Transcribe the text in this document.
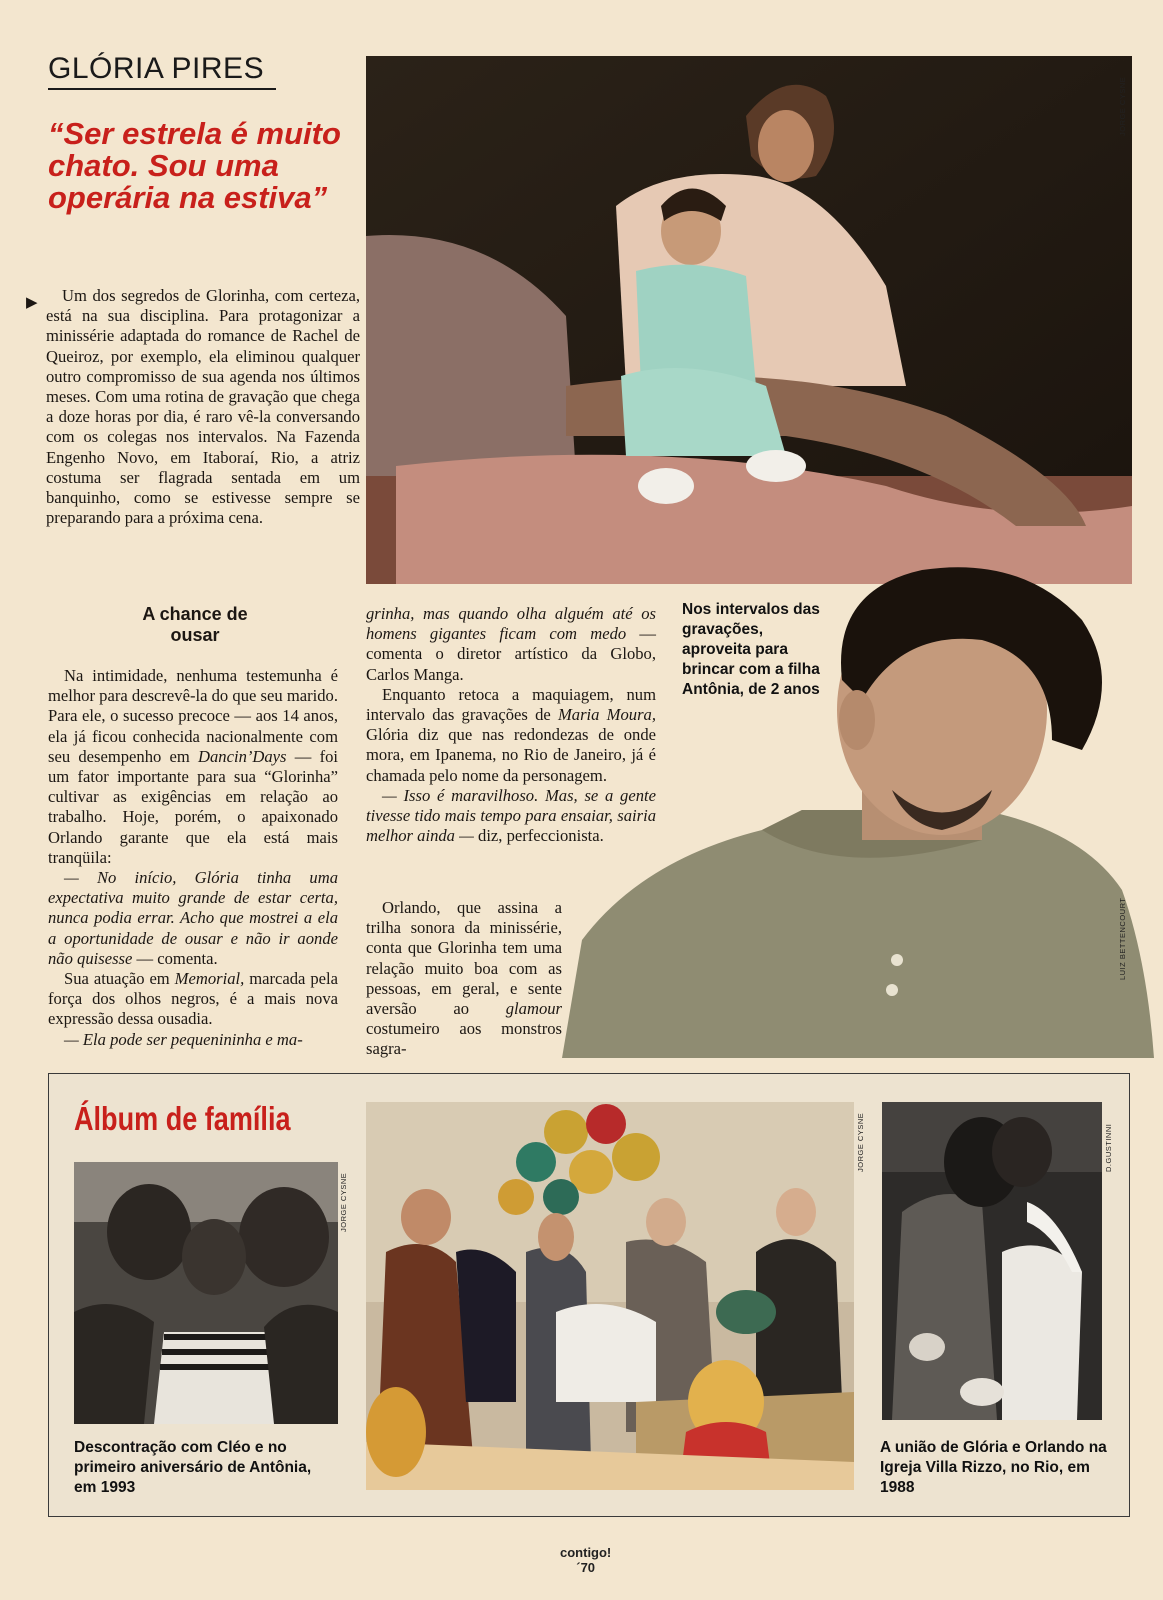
GLÓRIA PIRES
“Ser estrela é muito chato. Sou uma operária na estiva”
▶	Um dos segredos de Glorinha, com certeza, está na sua disciplina. Para protagonizar a minissérie adaptada do romance de Rachel de Queiroz, por exemplo, ela eliminou qualquer outro compromisso de sua agenda nos últimos meses. Com uma rotina de gravação que chega a doze horas por dia, é raro vê-la conversando com os colegas nos intervalos. Na Fazenda Engenho Novo, em Itaboraí, Rio, a atriz costuma ser flagrada sentada em um banquinho, como se estivesse sempre se preparando para a próxima cena.

A chance de ousar

Na intimidade, nenhuma testemunha é melhor para descrevê-la do que seu marido. Para ele, o sucesso precoce — aos 14 anos, ela já ficou conhecida nacionalmente com seu desempenho em Dancin’Days — foi um fator importante para sua “Glorinha” cultivar as exigências em relação ao trabalho. Hoje, porém, o apaixonado Orlando garante que ela está mais tranqüila:

— No início, Glória tinha uma expectativa muito grande de estar certa, nunca podia errar. Acho que mostrei a ela a oportunidade de ousar e não ir aonde não quisesse — comenta.

Sua atuação em Memorial, marcada pela força dos olhos negros, é a mais nova expressão dessa ousadia.

— Ela pode ser pequenininha e ma-

grinha, mas quando olha alguém até os homens gigantes ficam com medo — comenta o diretor artístico da Globo, Carlos Manga.

Enquanto retoca a maquiagem, num intervalo das gravações de Maria Moura, Glória diz que nas redondezas de onde mora, em Ipanema, no Rio de Janeiro, já é chamada pelo nome da personagem.

— Isso é maravilhoso. Mas, se a gente tivesse tido mais tempo para ensaiar, sairia melhor ainda — diz, perfeccionista.

Orlando, que assina a trilha sonora da minissérie, conta que Glorinha tem uma relação muito boa com as pessoas, em geral, e sente aversão ao glamour costumeiro aos monstros sagra-

JORGE CYSNE
Nos intervalos das gravações, aproveita para brincar com a filha Antônia, de 2 anos
LUIZ BETTENCOURT
Álbum de família
JORGE CYSNE
Descontração com Cléo e no primeiro aniversário de Antônia, em 1993
JORGE CYSNE	D.GUSTINNI
A união de Glória e Orlando na Igreja Villa Rizzo, no Rio, em 1988
contigo!
´70
